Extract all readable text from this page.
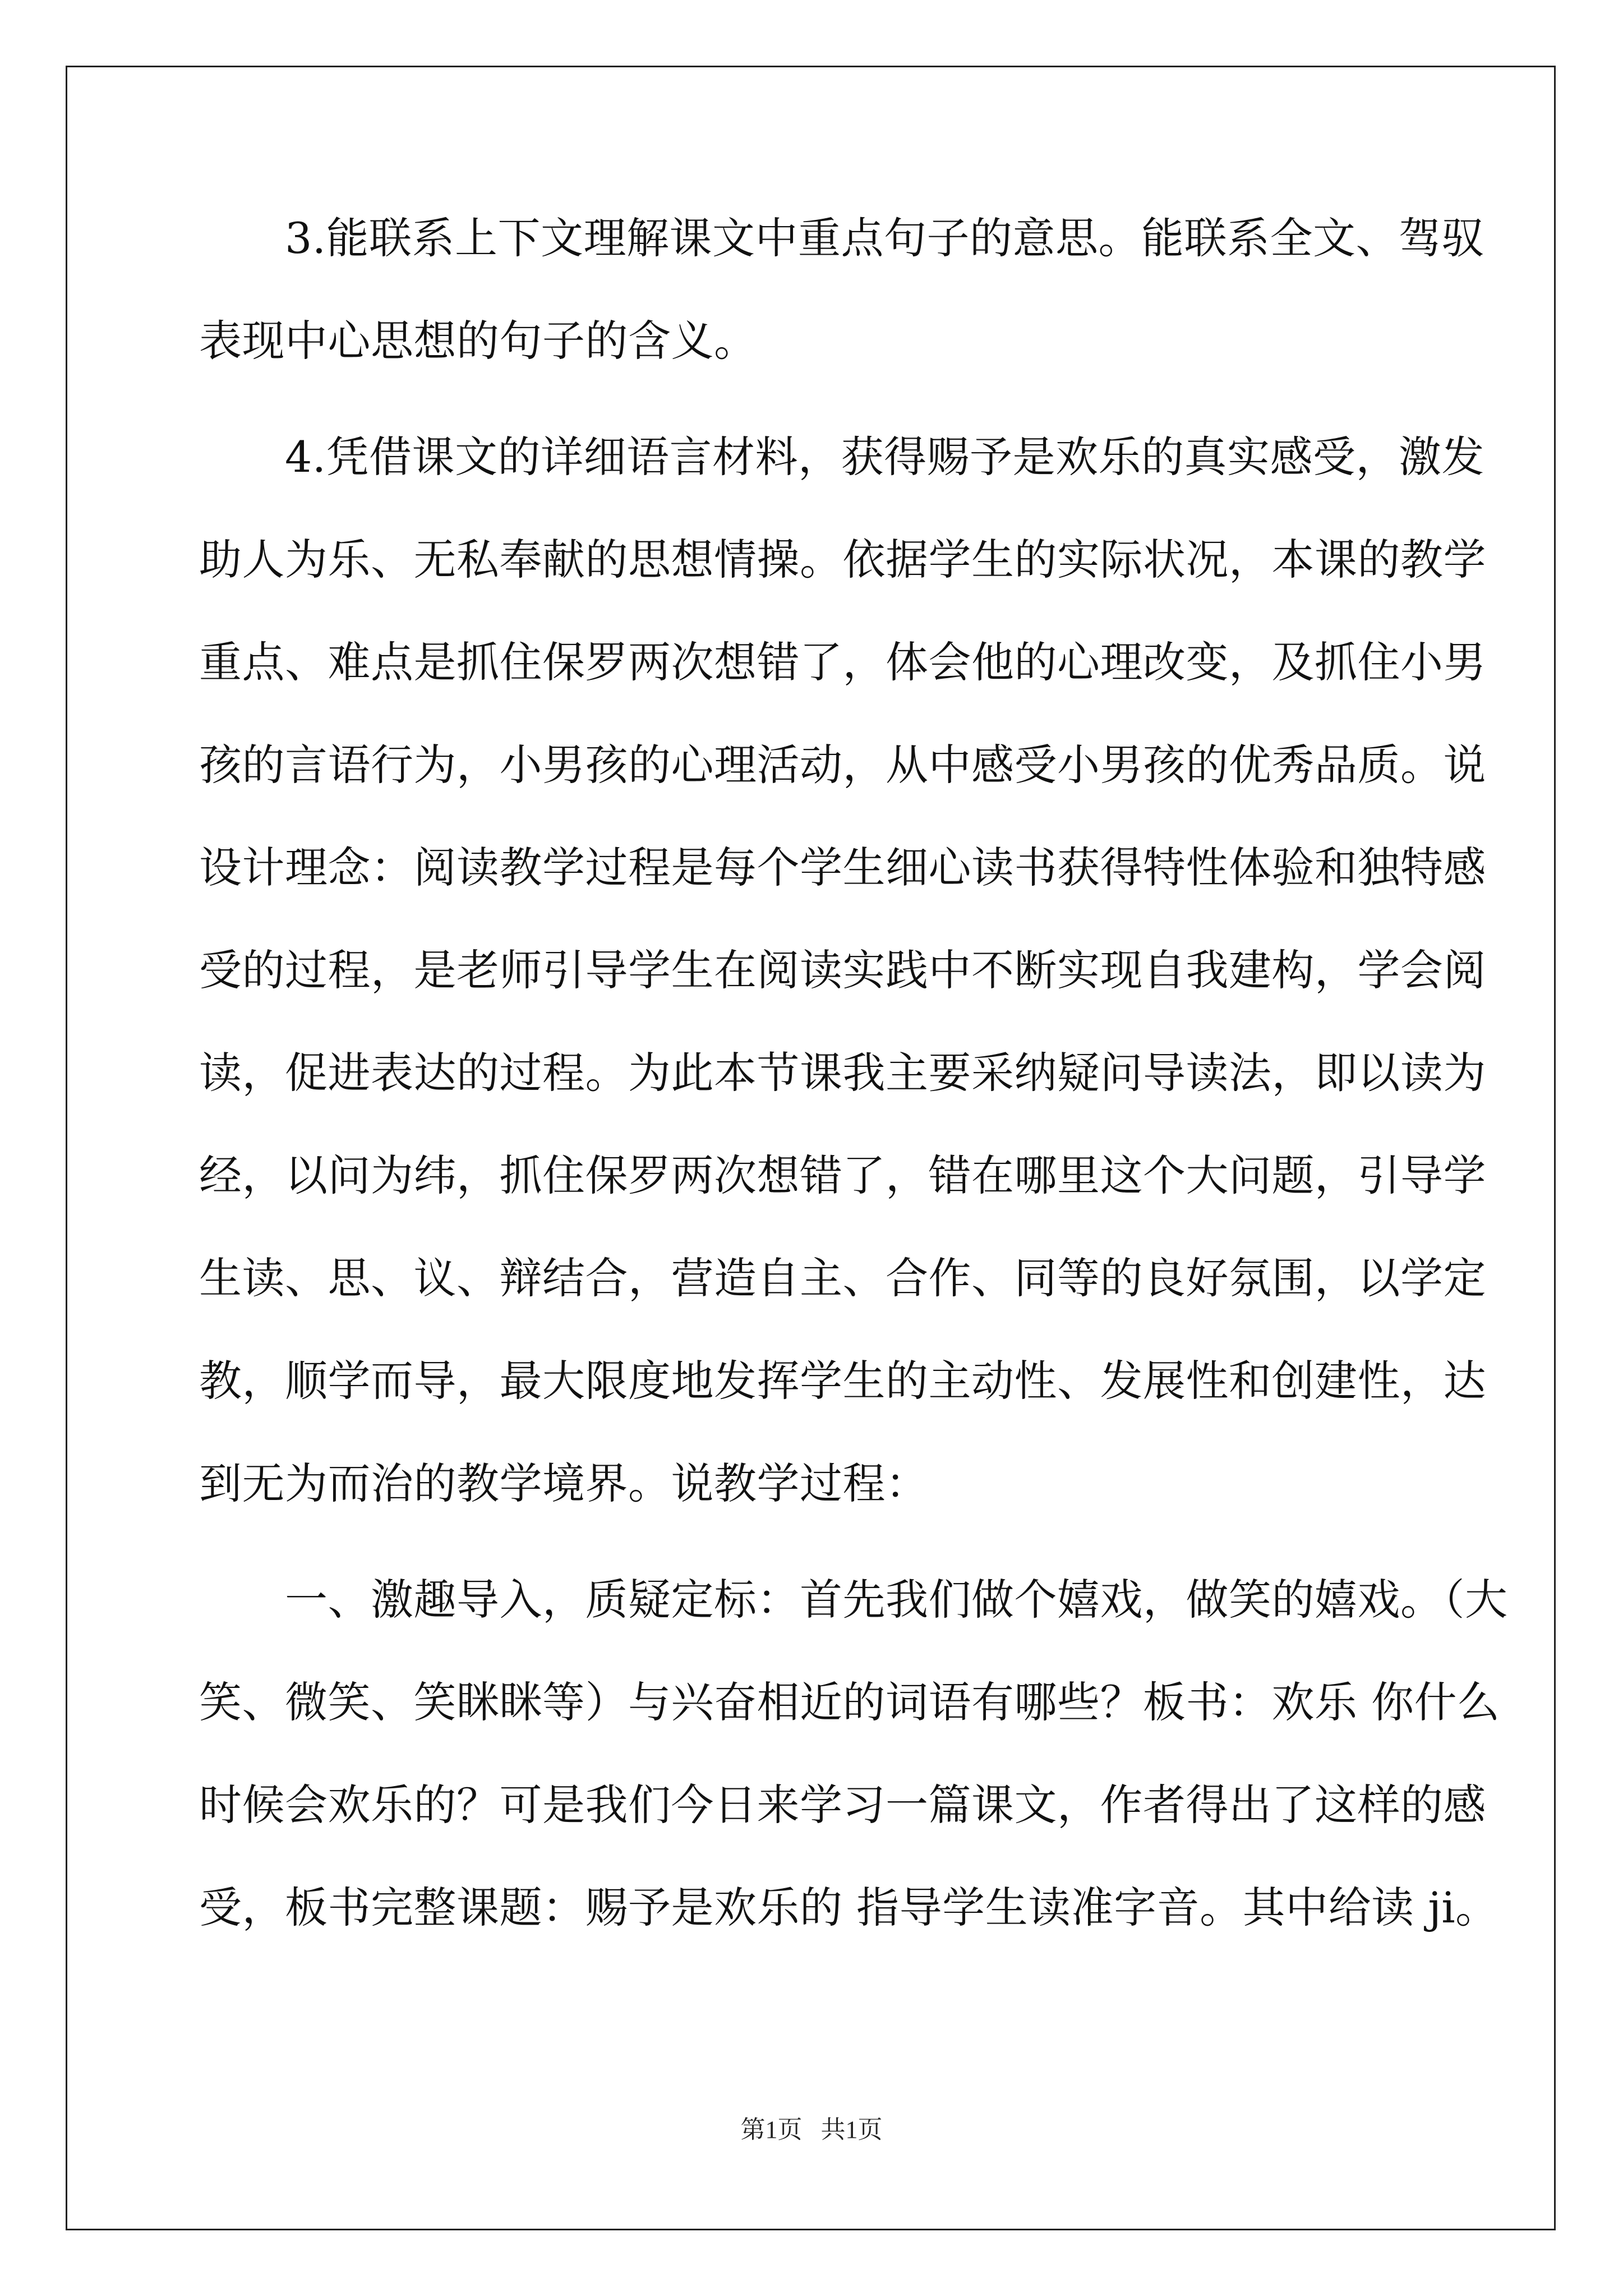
　　3.能联系上下文理解课文中重点句子的意思。能联系全文、驾驭
表现中心思想的句子的含义。
　　4.凭借课文的详细语言材料，获得赐予是欢乐的真实感受，激发
助人为乐、无私奉献的思想情操。依据学生的实际状况，本课的教学
重点、难点是抓住保罗两次想错了，体会他的心理改变，及抓住小男
孩的言语行为，小男孩的心理活动，从中感受小男孩的优秀品质。说
设计理念：阅读教学过程是每个学生细心读书获得特性体验和独特感
受的过程，是老师引导学生在阅读实践中不断实现自我建构，学会阅
读，促进表达的过程。为此本节课我主要采纳疑问导读法，即以读为
经，以问为纬，抓住保罗两次想错了，错在哪里这个大问题，引导学
生读、思、议、辩结合，营造自主、合作、同等的良好氛围，以学定
教，顺学而导，最大限度地发挥学生的主动性、发展性和创建性，达
到无为而治的教学境界。说教学过程：
　　一、激趣导入，质疑定标：首先我们做个嬉戏，做笑的嬉戏。（大
笑、微笑、笑眯眯等）与兴奋相近的词语有哪些？板书：欢乐 你什么
时候会欢乐的？可是我们今日来学习一篇课文，作者得出了这样的感
受，板书完整课题：赐予是欢乐的 指导学生读准字音。其中给读 ji。
第1页 共1页
